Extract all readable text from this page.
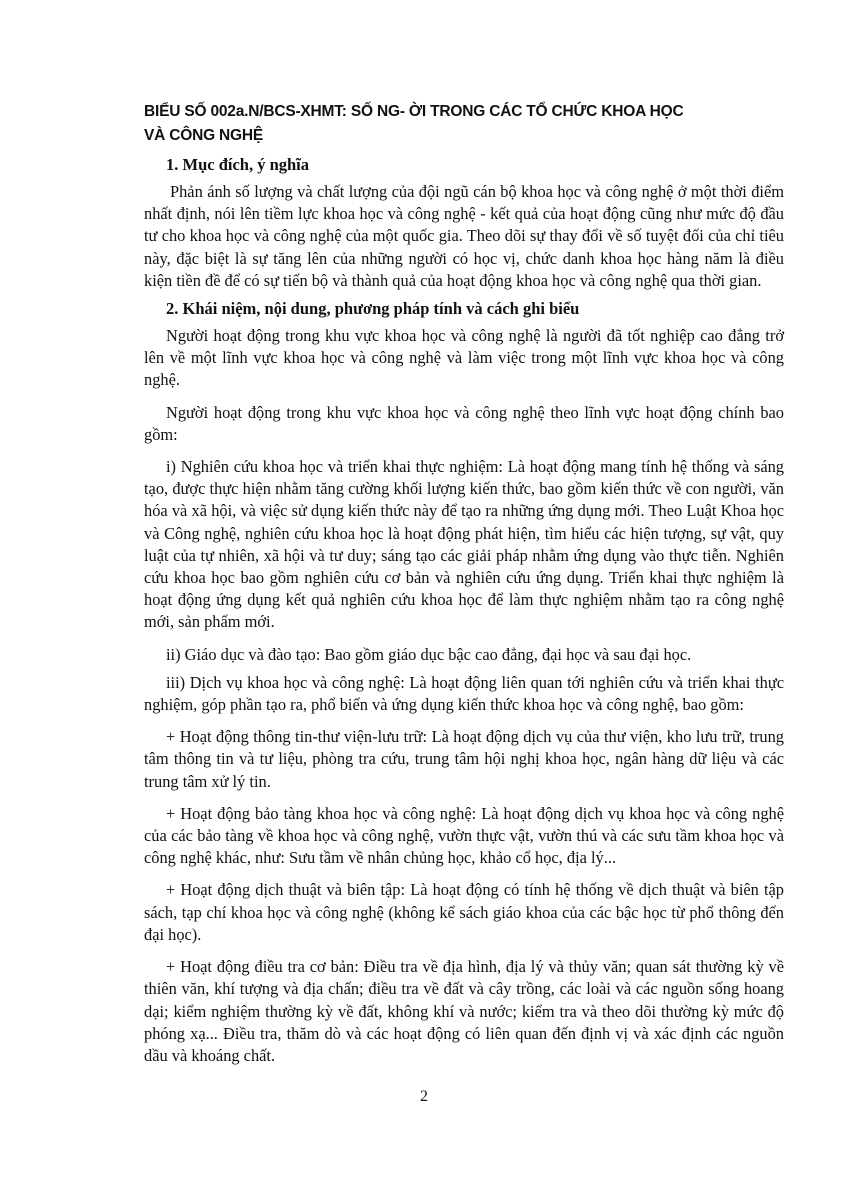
BIỂU SỐ 002a.N/BCS-XHMT: SỐ NG- ỜI TRONG CÁC TỔ CHỨC KHOA HỌC
VÀ CÔNG NGHỆ
1. Mục đích, ý nghĩa

Phản ánh số lượng và chất lượng của đội ngũ cán bộ khoa học và công nghệ ở một thời điểm nhất định, nói lên tiềm lực khoa học và công nghệ - kết quả của hoạt động cũng như mức độ đầu tư cho khoa học và công nghệ của một quốc gia. Theo dõi sự thay đổi về số tuyệt đối của chỉ tiêu này, đặc biệt là sự tăng lên của những người có học vị, chức danh khoa học hàng năm là điều kiện tiền đề để có sự tiến bộ và thành quả của hoạt động khoa học và công nghệ qua thời gian.

2. Khái niệm, nội dung, phương pháp tính và cách ghi biểu

Người hoạt động trong khu vực khoa học và công nghệ là người đã tốt nghiệp cao đẳng trở lên về một lĩnh vực khoa học và công nghệ và làm việc trong một lĩnh vực khoa học và công nghệ.

Người hoạt động trong khu vực khoa học và công nghệ theo lĩnh vực hoạt động chính bao gồm:

i) Nghiên cứu khoa học và triển khai thực nghiệm: Là hoạt động mang tính hệ thống và sáng tạo, được thực hiện nhằm tăng cường khối lượng kiến thức, bao gồm kiến thức về con người, văn hóa và xã hội, và việc sử dụng kiến thức này để tạo ra những ứng dụng mới. Theo Luật Khoa học và Công nghệ, nghiên cứu khoa học là hoạt động phát hiện, tìm hiểu các hiện tượng, sự vật, quy luật của tự nhiên, xã hội và tư duy; sáng tạo các giải pháp nhằm ứng dụng vào thực tiễn. Nghiên cứu khoa học bao gồm nghiên cứu cơ bản và nghiên cứu ứng dụng. Triển khai thực nghiệm là hoạt động ứng dụng kết quả nghiên cứu khoa học để làm thực nghiệm nhằm tạo ra công nghệ mới, sản phẩm mới.

ii) Giáo dục và đào tạo: Bao gồm giáo dục bậc cao đẳng, đại học và sau đại học.

iii) Dịch vụ khoa học và công nghệ: Là hoạt động liên quan tới nghiên cứu và triển khai thực nghiệm, góp phần tạo ra, phổ biến và ứng dụng kiến thức khoa học và công nghệ, bao gồm:

+ Hoạt động thông tin-thư viện-lưu trữ: Là hoạt động dịch vụ của thư viện, kho lưu trữ, trung tâm thông tin và tư liệu, phòng tra cứu, trung tâm hội nghị khoa học, ngân hàng dữ liệu và các trung tâm xử lý tin.

+ Hoạt động bảo tàng khoa học và công nghệ: Là hoạt động dịch vụ khoa học và công nghệ của các bảo tàng về khoa học và công nghệ, vườn thực vật, vườn thú và các sưu tầm khoa học và công nghệ khác, như: Sưu tầm về nhân chủng học, khảo cổ học, địa lý...

+ Hoạt động dịch thuật và biên tập: Là hoạt động có tính hệ thống về dịch thuật và biên tập sách, tạp chí khoa học và công nghệ (không kể sách giáo khoa của các bậc học từ phổ thông đến đại học).

+ Hoạt động điều tra cơ bản: Điều tra về địa hình, địa lý và thủy văn; quan sát thường kỳ về thiên văn, khí tượng và địa chấn; điều tra về đất và cây trồng, các loài và các nguồn sống hoang dại; kiểm nghiệm thường kỳ về đất, không khí và nước; kiểm tra và theo dõi thường kỳ mức độ phóng xạ... Điều tra, thăm dò và các hoạt động có liên quan đến định vị và xác định các nguồn dầu và khoáng chất.

2
